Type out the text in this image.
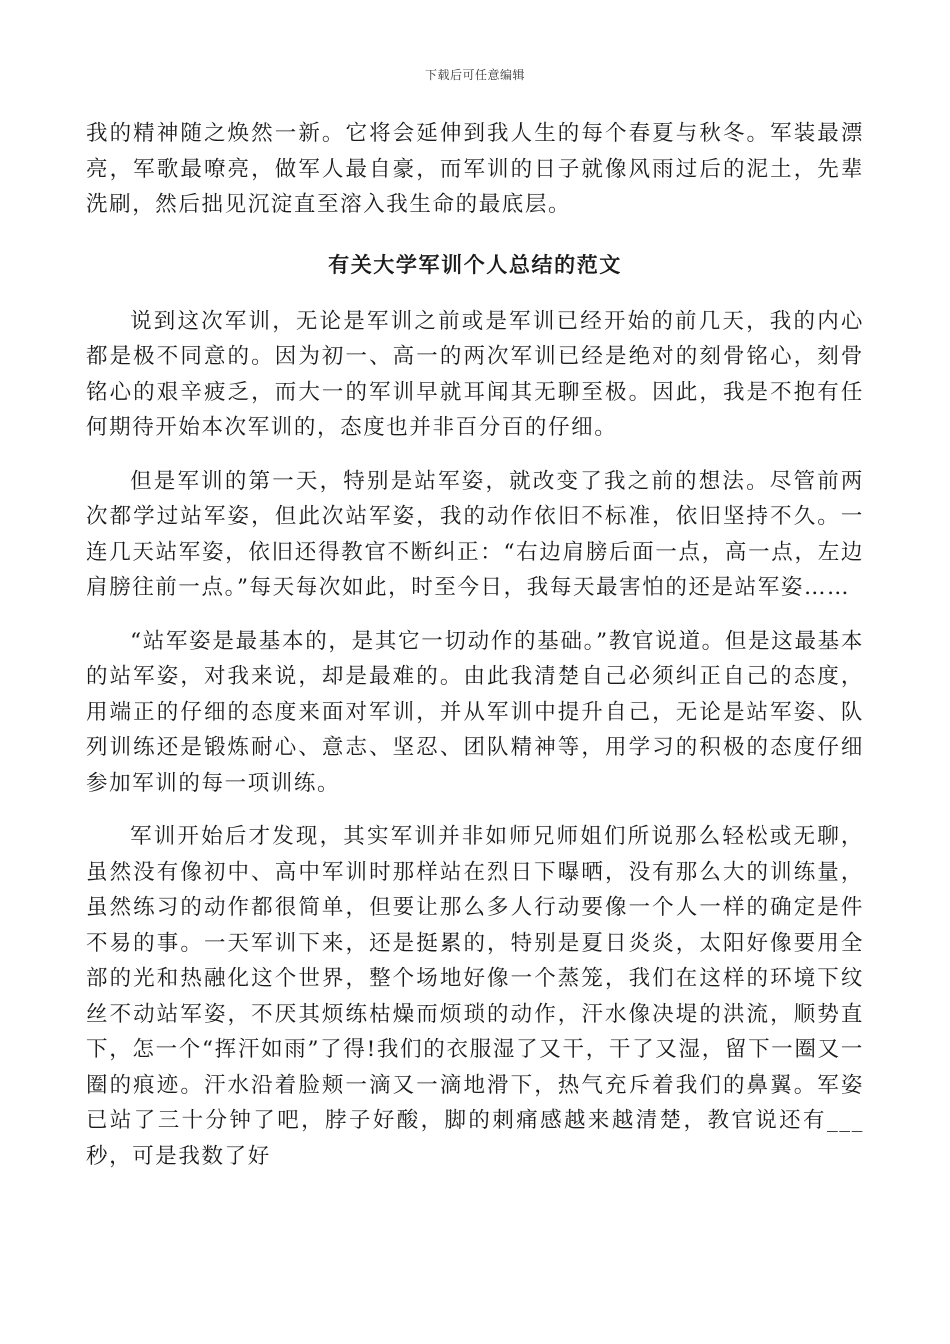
下载后可任意编辑

我的精神随之焕然一新。它将会延伸到我人生的每个春夏与秋冬。军装最漂亮，军歌最嘹亮，做军人最自豪，而军训的日子就像风雨过后的泥土，先辈洗刷，然后拙见沉淀直至溶入我生命的最底层。

有关大学军训个人总结的范文

说到这次军训，无论是军训之前或是军训已经开始的前几天，我的内心都是极不同意的。因为初一、高一的两次军训已经是绝对的刻骨铭心，刻骨铭心的艰辛疲乏，而大一的军训早就耳闻其无聊至极。因此，我是不抱有任何期待开始本次军训的，态度也并非百分百的仔细。

但是军训的第一天，特别是站军姿，就改变了我之前的想法。尽管前两次都学过站军姿，但此次站军姿，我的动作依旧不标准，依旧坚持不久。一连几天站军姿，依旧还得教官不断纠正：“右边肩膀后面一点，高一点，左边肩膀往前一点。”每天每次如此，时至今日，我每天最害怕的还是站军姿……

“站军姿是最基本的，是其它一切动作的基础。”教官说道。但是这最基本的站军姿，对我来说，却是最难的。由此我清楚自己必须纠正自己的态度，用端正的仔细的态度来面对军训，并从军训中提升自己，无论是站军姿、队列训练还是锻炼耐心、意志、坚忍、团队精神等，用学习的积极的态度仔细参加军训的每一项训练。

军训开始后才发现，其实军训并非如师兄师姐们所说那么轻松或无聊，虽然没有像初中、高中军训时那样站在烈日下曝晒，没有那么大的训练量，虽然练习的动作都很简单，但要让那么多人行动要像一个人一样的确定是件不易的事。一天军训下来，还是挺累的，特别是夏日炎炎，太阳好像要用全部的光和热融化这个世界，整个场地好像一个蒸笼，我们在这样的环境下纹丝不动站军姿，不厌其烦练枯燥而烦琐的动作，汗水像决堤的洪流，顺势直下，怎一个“挥汗如雨”了得!我们的衣服湿了又干，干了又湿，留下一圈又一圈的痕迹。汗水沿着脸颊一滴又一滴地滑下，热气充斥着我们的鼻翼。军姿已站了三十分钟了吧，脖子好酸，脚的刺痛感越来越清楚，教官说还有___秒，可是我数了好
